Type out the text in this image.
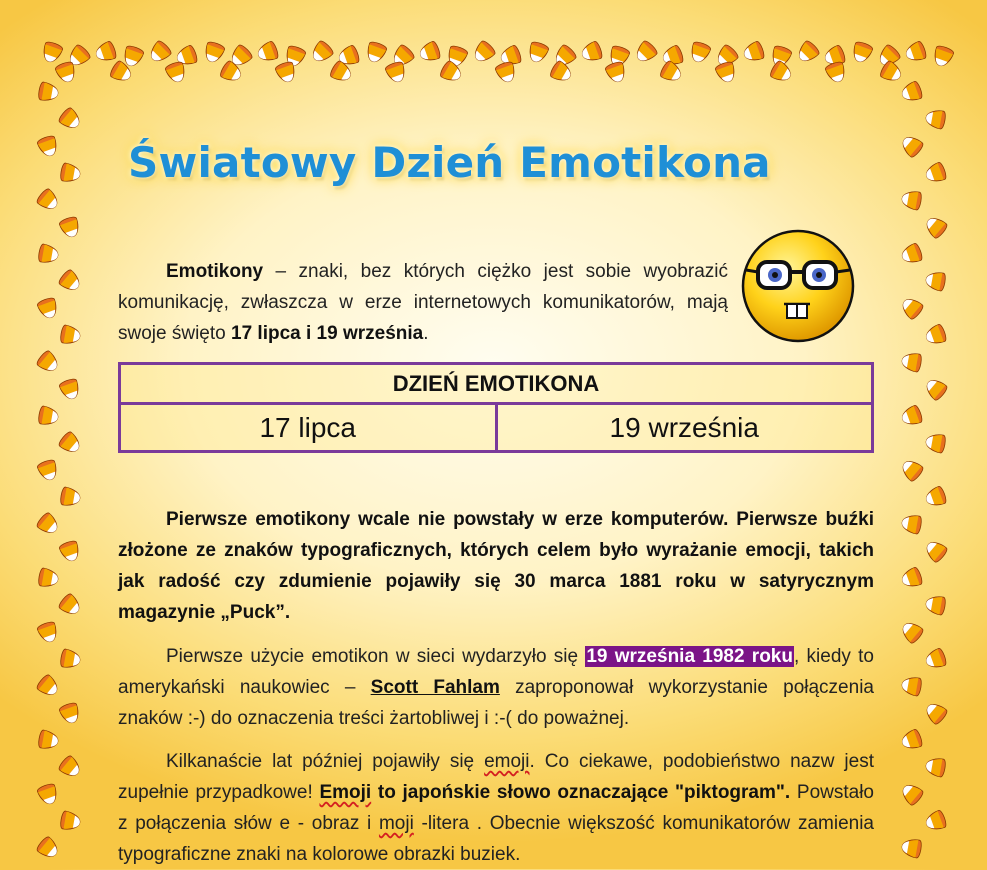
Światowy Dzień Emotikona
Emotikony – znaki, bez których ciężko jest sobie wyobrazić komunikację, zwłaszcza w erze internetowych komunikatorów, mają swoje święto 17 lipca i 19 września.
DZIEŃ EMOTIKONA
17 lipca	19 września
Pierwsze emotikony wcale nie powstały w erze komputerów. Pierwsze buźki złożone ze znaków typograficznych, których celem było wyrażanie emocji, takich jak radość czy zdumienie pojawiły się 30 marca 1881 roku w satyrycznym magazynie „Puck”.
Pierwsze użycie emotikon w sieci wydarzyło się 19 września 1982 roku, kiedy to amerykański naukowiec – Scott Fahlam zaproponował wykorzystanie połączenia znaków :-) do oznaczenia treści żartobliwej i :-( do poważnej.
Kilkanaście lat później pojawiły się emoji. Co ciekawe, podobieństwo nazw jest zupełnie przypadkowe! Emoji to japońskie słowo oznaczające "piktogram". Powstało z połączenia słów e - obraz i moji -litera . Obecnie większość komunikatorów zamienia typograficzne znaki na kolorowe obrazki buziek.
